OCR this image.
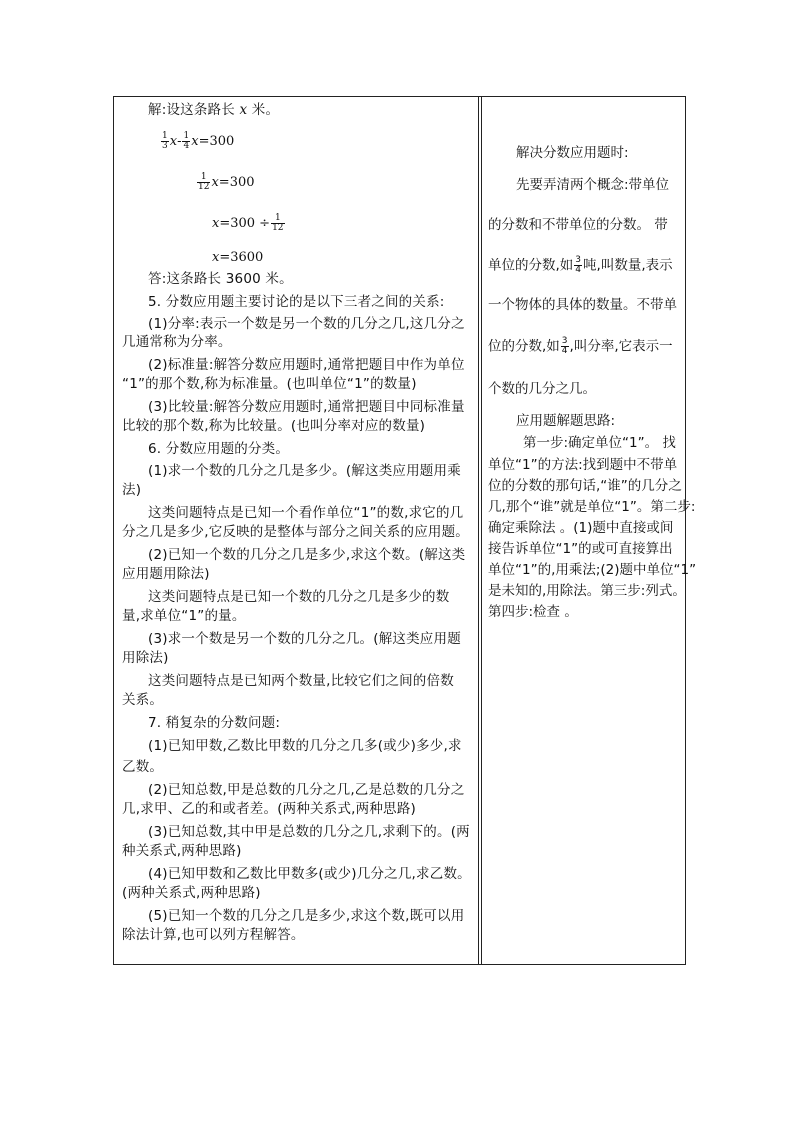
解:设这条路长 x 米。
$\frac{1}{3} x- \frac{1}{4} x=300$
$\frac{1}{12} x=300$
$x=300 \div \frac{1}{12}$
x=3600
答:这条路长 3600 米。
5. 分数应用题主要讨论的是以下三者之间的关系:
(1)分率:表示一个数是另一个数的几分之几,这几分之
几通常称为分率。
(2)标准量:解答分数应用题时,通常把题目中作为单位
“1”的那个数,称为标准量。(也叫单位“1”的数量)
(3)比较量:解答分数应用题时,通常把题目中同标准量
比较的那个数,称为比较量。(也叫分率对应的数量)
6. 分数应用题的分类。
(1)求一个数的几分之几是多少。(解这类应用题用乘
法)
这类问题特点是已知一个看作单位“1”的数,求它的几
分之几是多少,它反映的是整体与部分之间关系的应用题。
(2)已知一个数的几分之几是多少,求这个数。(解这类
应用题用除法)
这类问题特点是已知一个数的几分之几是多少的数
量,求单位“1”的量。
(3)求一个数是另一个数的几分之几。(解这类应用题
用除法)
这类问题特点是已知两个数量,比较它们之间的倍数
关系。
7. 稍复杂的分数问题:
(1)已知甲数,乙数比甲数的几分之几多(或少)多少,求
乙数。
(2)已知总数,甲是总数的几分之几,乙是总数的几分之
几,求甲、乙的和或者差。(两种关系式,两种思路)
(3)已知总数,其中甲是总数的几分之几,求剩下的。(两
种关系式,两种思路)
(4)已知甲数和乙数比甲数多(或少)几分之几,求乙数。
(两种关系式,两种思路)
(5)已知一个数的几分之几是多少,求这个数,既可以用
除法计算,也可以列方程解答。
解决分数应用题时:
先要弄清两个概念:带单位
的分数和不带单位的分数。 带
单位的分数,如 $\frac{3}{4}$ 吨,叫数量,表示
一个物体的具体的数量。不带单
位的分数,如 $\frac{3}{4}$ ,叫分率,它表示一
个数的几分之几。
应用题解题思路:
第一步:确定单位“1”。 找
单位“1”的方法:找到题中不带单
位的分数的那句话,“谁”的几分之
几,那个“谁”就是单位“1”。第二步:
确定乘除法 。(1)题中直接或间
接告诉单位“1”的或可直接算出
单位“1”的,用乘法;(2)题中单位“1”
是未知的,用除法。第三步:列式。
第四步:检查 。
